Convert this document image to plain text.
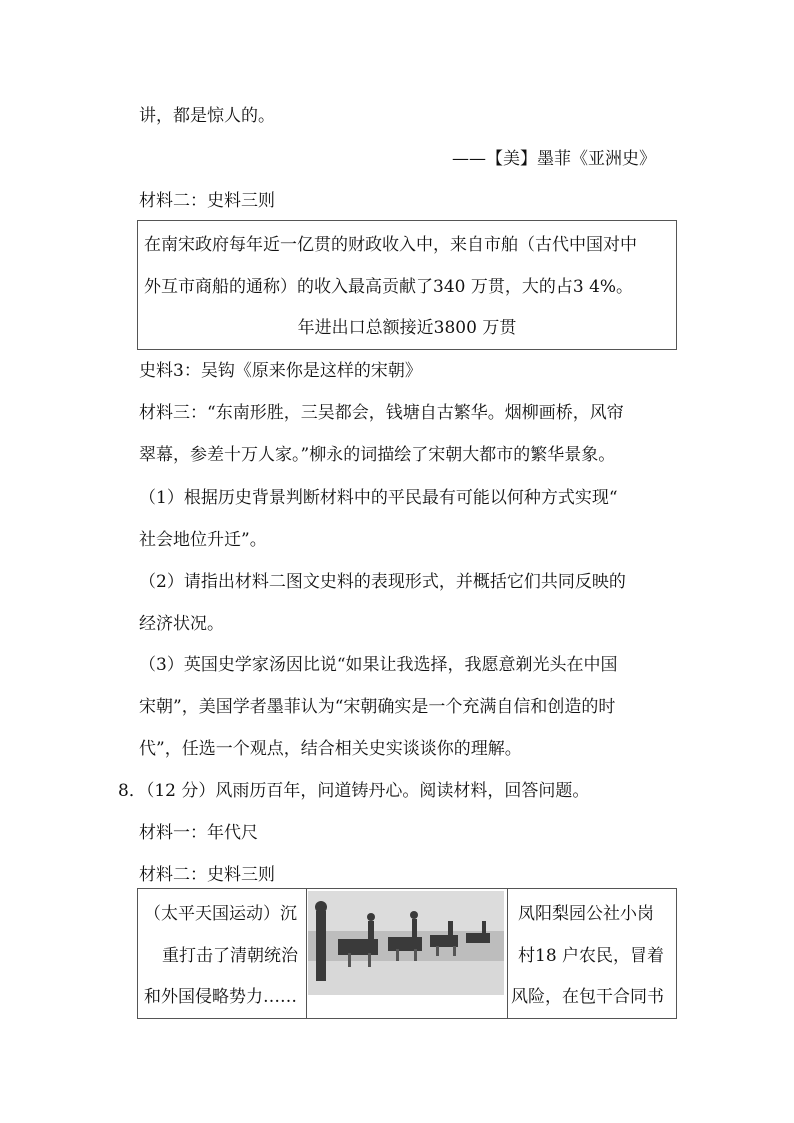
讲，都是惊人的。
——【美】墨菲《亚洲史》
材料二：史料三则
在南宋政府每年近一亿贯的财政收入中，来自市舶（古代中国对中
外互市商船的通称）的收入最高贡献了340 万贯，大的占3 4%。
年进出口总额接近3800 万贯
史料3：吴钩《原来你是这样的宋朝》
材料三：“东南形胜，三吴都会，钱塘自古繁华。烟柳画桥，风帘
翠幕，参差十万人家。”柳永的词描绘了宋朝大都市的繁华景象。
（1）根据历史背景判断材料中的平民最有可能以何种方式实现“
社会地位升迁”。
（2）请指出材料二图文史料的表现形式，并概括它们共同反映的
经济状况。
（3）英国史学家汤因比说“如果让我选择，我愿意剃光头在中国
宋朝”，美国学者墨菲认为“宋朝确实是一个充满自信和创造的时
代”，任选一个观点，结合相关史实谈谈你的理解。
8．（12 分）风雨历百年，问道铸丹心。阅读材料，回答问题。
材料一：年代尺
材料二：史料三则
（太平天国运动）沉
重打击了清朝统治
和外国侵略势力……
凤阳梨园公社小岗
村18 户农民，冒着
风险，在包干合同书
